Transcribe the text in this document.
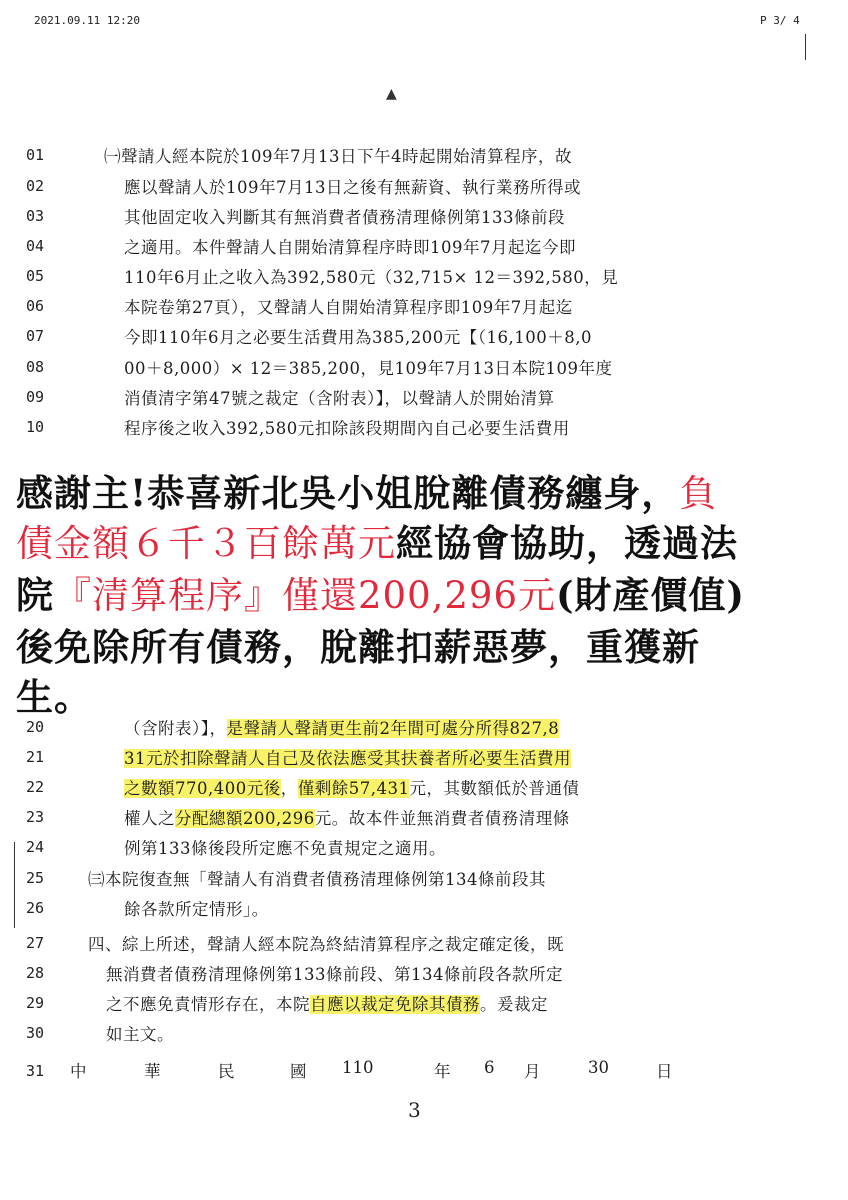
2021.09.11 12:20	P 3/ 4
▲
01	㈠聲請人經本院於109年7月13日下午4時起開始清算程序，故
02	應以聲請人於109年7月13日之後有無薪資、執行業務所得或
03	其他固定收入判斷其有無消費者債務清理條例第133條前段
04	之適用。本件聲請人自開始清算程序時即109年7月起迄今即
05	110年6月止之收入為392,580元（32,715× 12＝392,580，見
06	本院卷第27頁），又聲請人自開始清算程序即109年7月起迄
07	今即110年6月之必要生活費用為385,200元【（16,100＋8,0
08	00＋8,000）× 12＝385,200，見109年7月13日本院109年度
09	消債清字第47號之裁定（含附表）】，以聲請人於開始清算
10	程序後之收入392,580元扣除該段期間內自己必要生活費用
感謝主!恭喜新北吳小姐脫離債務纏身，負
債金額６千３百餘萬元經協會協助，透過法
院『清算程序』僅還200,296元(財產價值)
後免除所有債務，脫離扣薪惡夢，重獲新
生。
20	（含附表）】，是聲請人聲請更生前2年間可處分所得827,8
21	31元於扣除聲請人自己及依法應受其扶養者所必要生活費用
22	之數額770,400元後，僅剩餘57,431元，其數額低於普通債
23	權人之分配總額200,296元。故本件並無消費者債務清理條
24	例第133條後段所定應不免責規定之適用。
25	㈢本院復查無「聲請人有消費者債務清理條例第134條前段其
26	餘各款所定情形」。
27	四、綜上所述，聲請人經本院為終結清算程序之裁定確定後，既
28	無消費者債務清理條例第133條前段、第134條前段各款所定
29	之不應免責情形存在，本院自應以裁定免除其債務。爰裁定
30	如主文。
31 中	華	民	國 110	年 6 月	30	日
3
